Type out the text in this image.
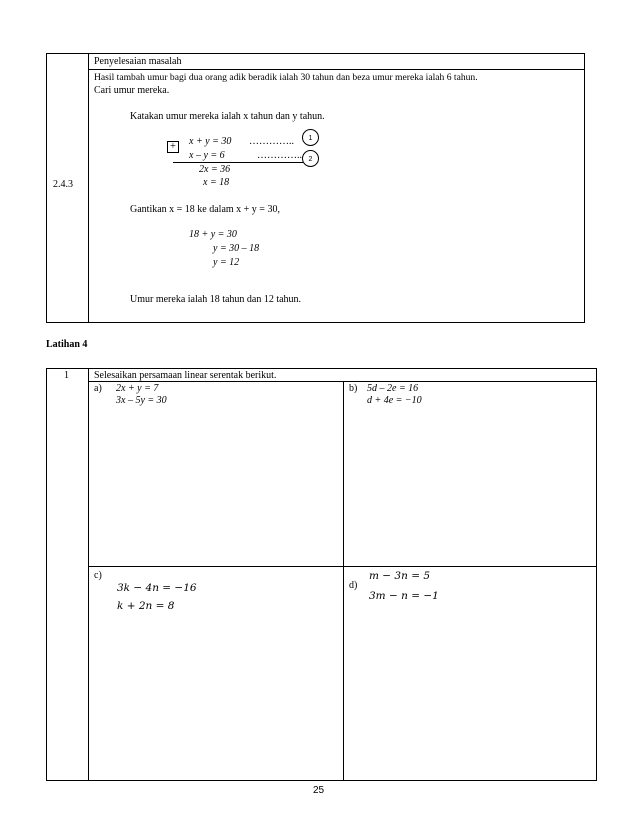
2.4.3
Penyelesaian masalah
Hasil tambah umur bagi dua orang adik beradik ialah 30 tahun dan beza umur mereka ialah 6 tahun.
Cari umur mereka.
Katakan umur mereka ialah x tahun dan y tahun.
+	x + y = 30 …………..	1
x – y = 6	………….. 2
2x = 36
x = 18
Gantikan x = 18 ke dalam x + y = 30,
18 + y = 30
y = 30 – 18
y = 12
Umur mereka ialah 18 tahun dan 12 tahun.
Latihan 4
1	Selesaikan persamaan linear serentak berikut.
a) 2x + y = 7
3x – 5y = 30
b) 5d – 2e = 16
d + 4e = −10
c)
3k − 4n = −16
k + 2n = 8
d)
m − 3n = 5
3m − n = −1
25
